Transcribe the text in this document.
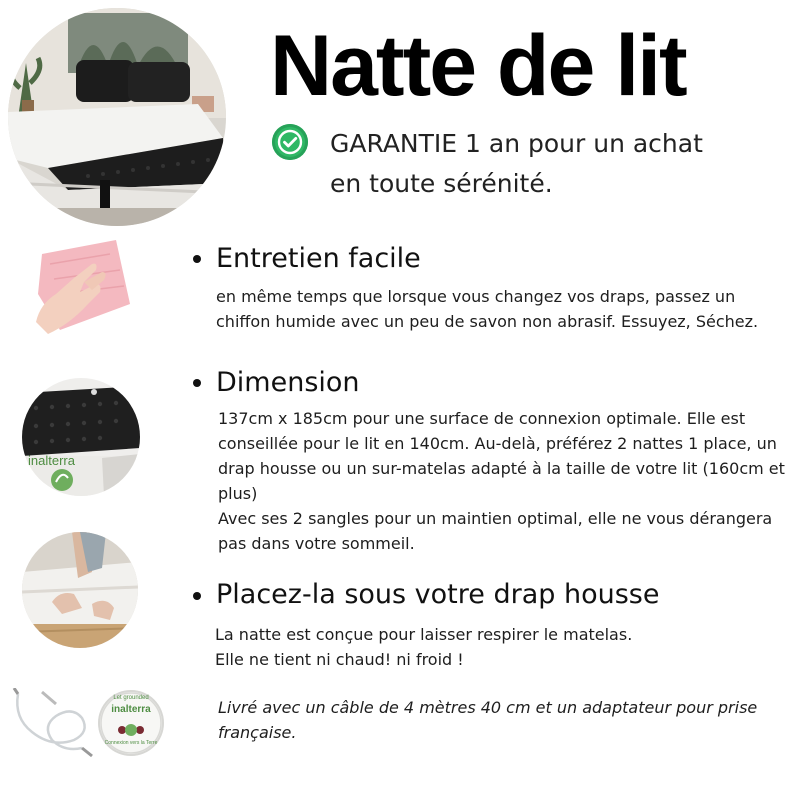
Natte de lit
GARANTIE 1 an pour un achat
en toute sérénité.
inalterra
Let grounded
inalterra
Connexion vers la Terre
Entretien facile
en même temps que lorsque vous changez vos draps, passez un chiffon humide avec un peu de savon non abrasif. Essuyez, Séchez.
Dimension

137cm x 185cm pour une surface de connexion optimale. Elle est conseillée pour le lit en 140cm. Au-delà, préférez 2 nattes 1 place, un drap housse ou un sur-matelas adapté à la taille de votre lit (160cm et plus)

Avec ses 2 sangles pour un maintien optimal, elle ne vous dérangera pas dans votre sommeil.

Placez-la sous votre drap housse
La natte est conçue pour laisser respirer le matelas.
Elle ne tient ni chaud! ni froid !
Livré avec un câble de 4 mètres 40 cm et un adaptateur pour prise française.
